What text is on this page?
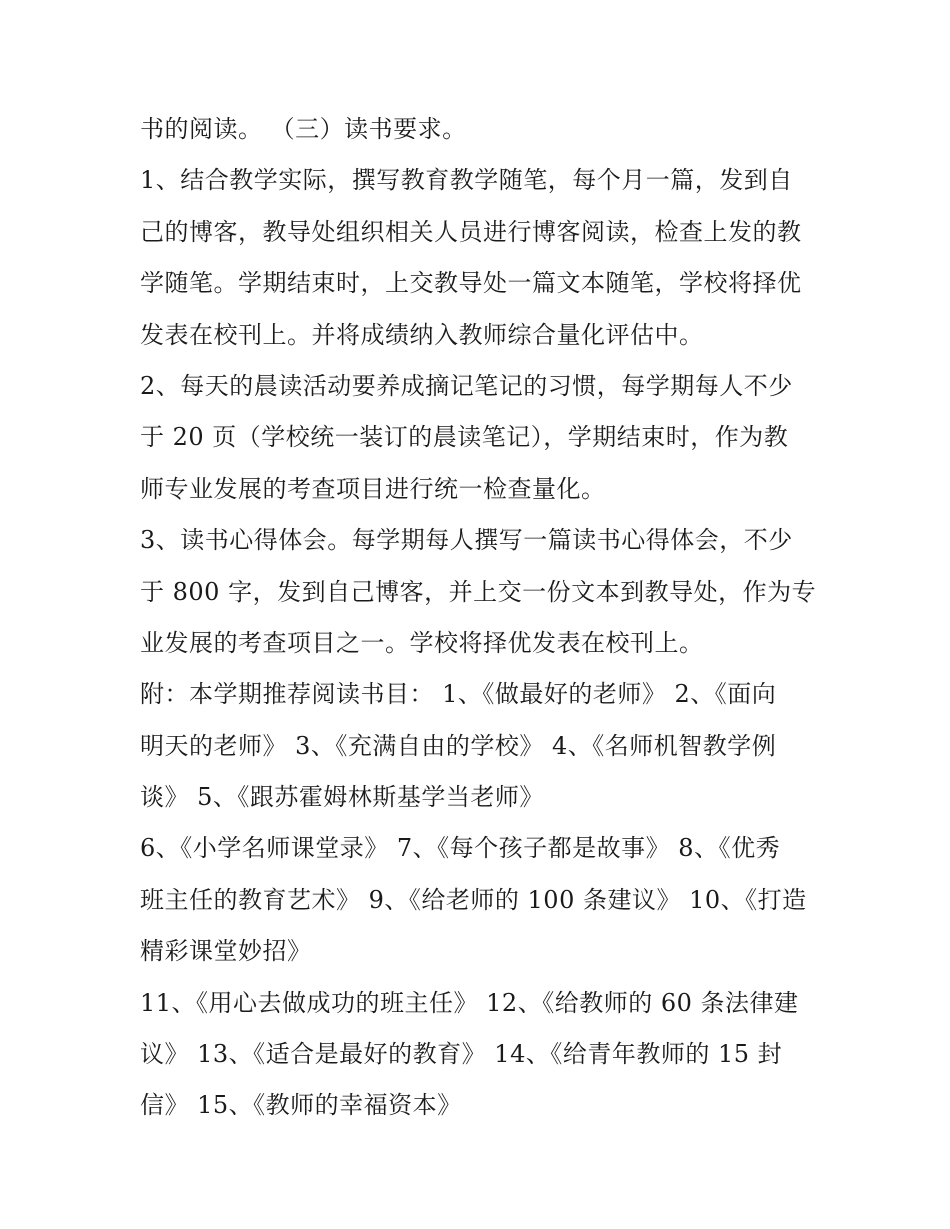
书的阅读。 （三）读书要求。
1、结合教学实际，撰写教育教学随笔，每个月一篇，发到自
己的博客，教导处组织相关人员进行博客阅读，检查上发的教
学随笔。学期结束时，上交教导处一篇文本随笔，学校将择优
发表在校刊上。并将成绩纳入教师综合量化评估中。
2、每天的晨读活动要养成摘记笔记的习惯，每学期每人不少
于 20 页（学校统一装订的晨读笔记），学期结束时，作为教
师专业发展的考查项目进行统一检查量化。
3、读书心得体会。每学期每人撰写一篇读书心得体会，不少
于 800 字，发到自己博客，并上交一份文本到教导处，作为专
业发展的考查项目之一。学校将择优发表在校刊上。
附：本学期推荐阅读书目： 1、《做最好的老师》 2、《面向
明天的老师》 3、《充满自由的学校》 4、《名师机智教学例
谈》 5、《跟苏霍姆林斯基学当老师》
6、《小学名师课堂录》 7、《每个孩子都是故事》 8、《优秀
班主任的教育艺术》 9、《给老师的 100 条建议》 10、《打造
精彩课堂妙招》
11、《用心去做成功的班主任》 12、《给教师的 60 条法律建
议》 13、《适合是最好的教育》 14、《给青年教师的 15 封
信》 15、《教师的幸福资本》
